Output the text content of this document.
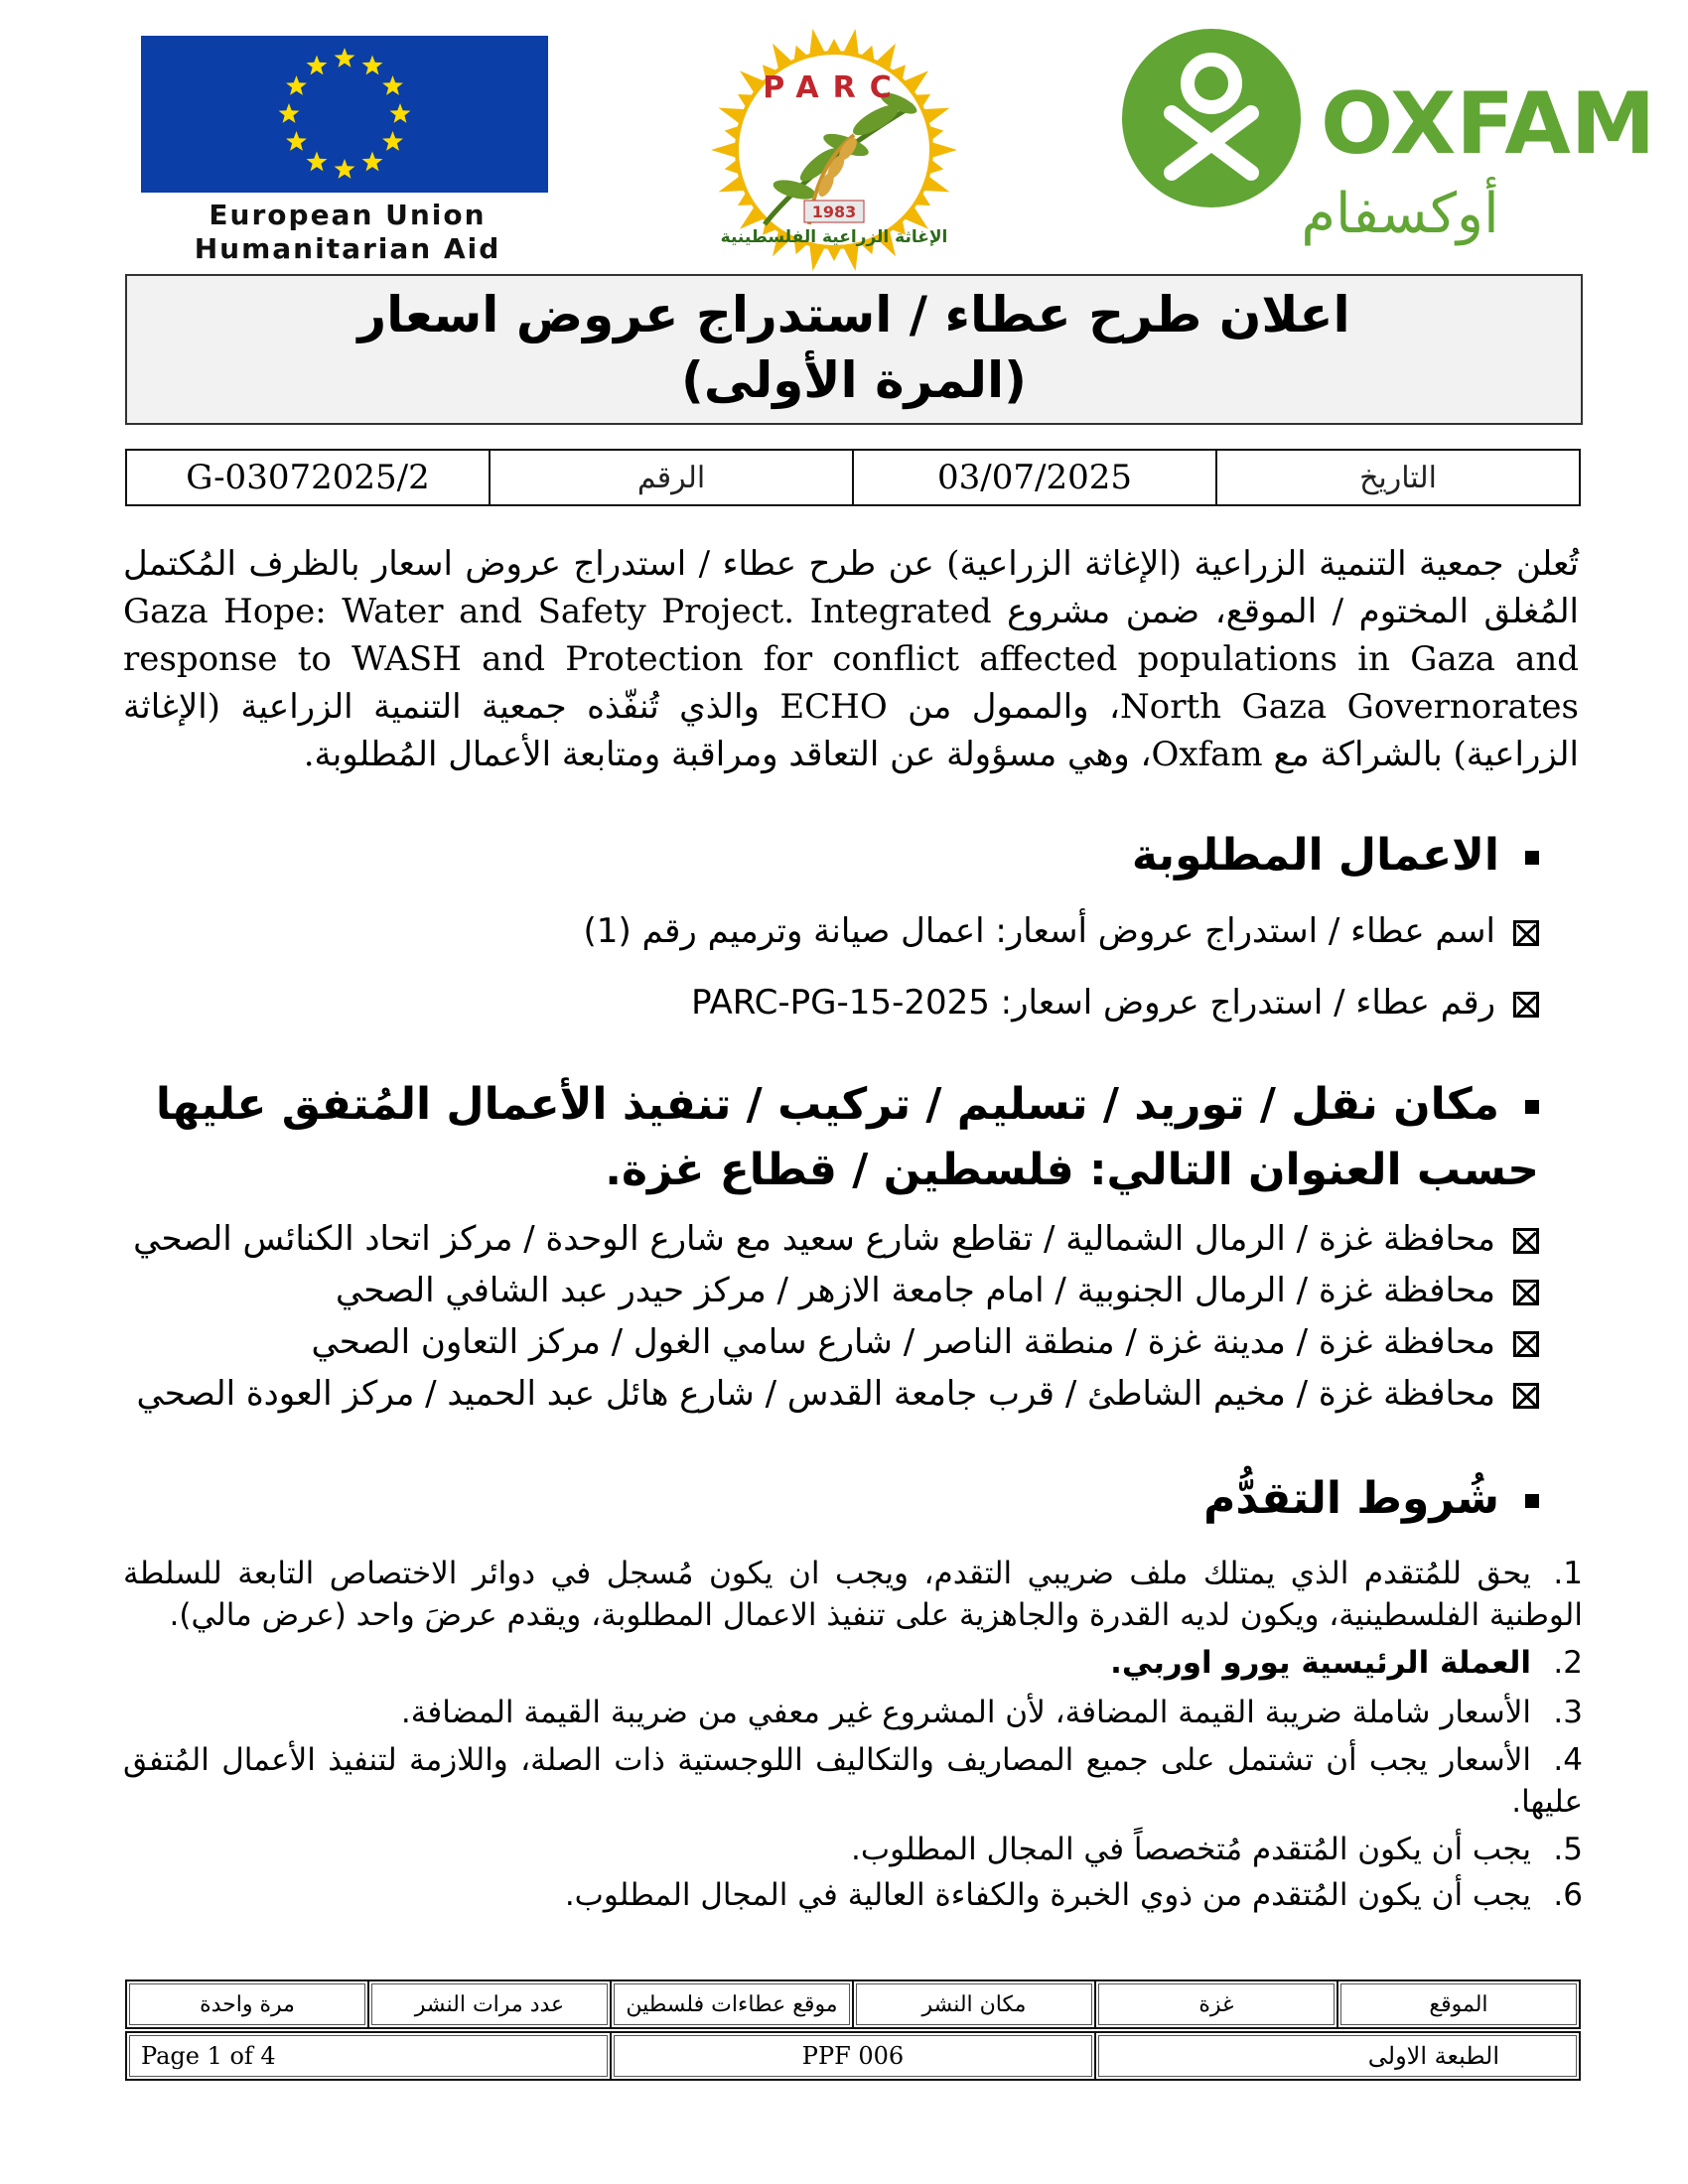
European Union
Humanitarian Aid
1983
PARC
الإغاثة الزراعية الفلسطينية
OXFAM
أوكسفام
اعلان طرح عطاء / استدراج عروض اسعار
(المرة الأولى)
G-03072025/2	الرقم	03/07/2025	التاريخ
تُعلن جمعية التنمية الزراعية (الإغاثة الزراعية) عن طرح عطاء / استدراج عروض اسعار بالظرف المُكتمل المُغلق المختوم / الموقع، ضمن مشروع Gaza Hope: Water and Safety Project. Integrated response to WASH and Protection for conflict affected populations in Gaza and North Gaza Governorates، والممول من ECHO والذي تُنفّذه جمعية التنمية الزراعية (الإغاثة الزراعية) بالشراكة مع Oxfam، وهي مسؤولة عن التعاقد ومراقبة ومتابعة الأعمال المُطلوبة.
الاعمال المطلوبة
اسم عطاء / استدراج عروض أسعار: اعمال صيانة وترميم رقم (1)
رقم عطاء / استدراج عروض اسعار: PARC-PG-15-2025
مكان نقل / توريد / تسليم / تركيب / تنفيذ الأعمال المُتفق عليها حسب العنوان التالي: فلسطين / قطاع غزة.
محافظة غزة / الرمال الشمالية / تقاطع شارع سعيد مع شارع الوحدة / مركز اتحاد الكنائس الصحي
محافظة غزة / الرمال الجنوبية / امام جامعة الازهر / مركز حيدر عبد الشافي الصحي
محافظة غزة / مدينة غزة / منطقة الناصر / شارع سامي الغول / مركز التعاون الصحي
محافظة غزة / مخيم الشاطئ / قرب جامعة القدس / شارع هائل عبد الحميد / مركز العودة الصحي
شُروط التقدُّم
1.يحق للمُتقدم الذي يمتلك ملف ضريبي التقدم، ويجب ان يكون مُسجل في دوائر الاختصاص التابعة للسلطة الوطنية الفلسطينية، ويكون لديه القدرة والجاهزية على تنفيذ الاعمال المطلوبة، ويقدم عرضَ واحد (عرض مالي).
2.العملة الرئيسية يورو اوربي.
3.الأسعار شاملة ضريبة القيمة المضافة، لأن المشروع غير معفي من ضريبة القيمة المضافة.
4.الأسعار يجب أن تشتمل على جميع المصاريف والتكاليف اللوجستية ذات الصلة، واللازمة لتنفيذ الأعمال المُتفق عليها.
5.يجب أن يكون المُتقدم مُتخصصاً في المجال المطلوب.
6.يجب أن يكون المُتقدم من ذوي الخبرة والكفاءة العالية في المجال المطلوب.
مرة واحدة	عدد مرات النشر	موقع عطاءات فلسطين	مكان النشر	غزة	الموقع
Page 1 of 4	PPF 006	الطبعة الاولى
